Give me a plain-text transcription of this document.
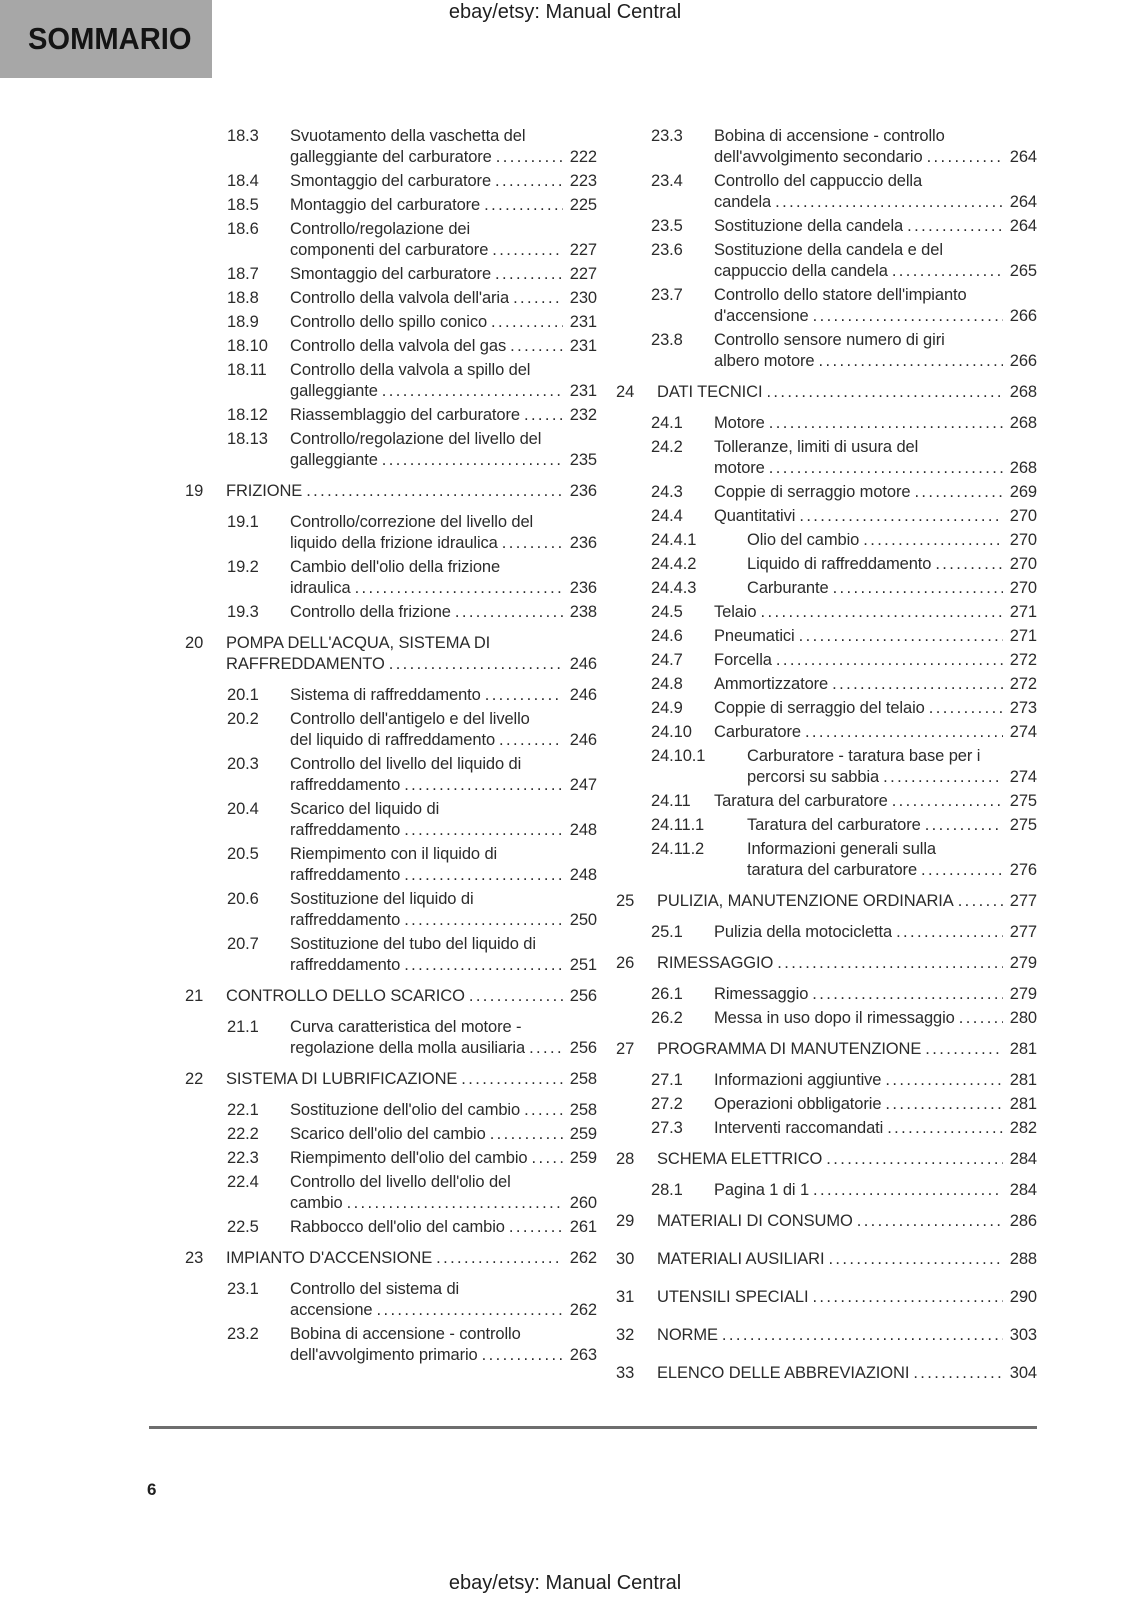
ebay/etsy: Manual Central
SOMMARIO
18.3	Svuotamento della vaschetta del
galleggiante del carburatore .....	222
18.4	Smontaggio del carburatore .....	223
18.5	Montaggio del carburatore .....	225
18.6	Controllo/regolazione dei
componenti del carburatore .....	227
18.7	Smontaggio del carburatore .....	227
18.8	Controllo della valvola dell'aria .....	230
18.9	Controllo dello spillo conico .....	231
18.10	Controllo della valvola del gas .....	231
18.11	Controllo della valvola a spillo del
galleggiante .....	231
18.12	Riassemblaggio del carburatore .....	232
18.13	Controllo/regolazione del livello del
galleggiante .....	235
19	FRIZIONE .....	236
19.1	Controllo/correzione del livello del
liquido della frizione idraulica .....	236
19.2	Cambio dell'olio della frizione
idraulica .....	236
19.3	Controllo della frizione .....	238
20	POMPA DELL'ACQUA, SISTEMA DI
RAFFREDDAMENTO .....	246
20.1	Sistema di raffreddamento .....	246
20.2	Controllo dell'antigelo e del livello
del liquido di raffreddamento .....	246
20.3	Controllo del livello del liquido di
raffreddamento .....	247
20.4	Scarico del liquido di
raffreddamento .....	248
20.5	Riempimento con il liquido di
raffreddamento .....	248
20.6	Sostituzione del liquido di
raffreddamento .....	250
20.7	Sostituzione del tubo del liquido di
raffreddamento .....	251
21	CONTROLLO DELLO SCARICO .....	256
21.1	Curva caratteristica del motore -
regolazione della molla ausiliaria .....	256
22	SISTEMA DI LUBRIFICAZIONE .....	258
22.1	Sostituzione dell'olio del cambio .....	258
22.2	Scarico dell'olio del cambio .....	259
22.3	Riempimento dell'olio del cambio .....	259
22.4	Controllo del livello dell'olio del
cambio .....	260
22.5	Rabbocco dell'olio del cambio .....	261
23	IMPIANTO D'ACCENSIONE .....	262
23.1	Controllo del sistema di
accensione .....	262
23.2	Bobina di accensione - controllo
dell'avvolgimento primario .....	263
23.3	Bobina di accensione - controllo
dell'avvolgimento secondario .....	264
23.4	Controllo del cappuccio della
candela .....	264
23.5	Sostituzione della candela .....	264
23.6	Sostituzione della candela e del
cappuccio della candela .....	265
23.7	Controllo dello statore dell'impianto
d'accensione .....	266
23.8	Controllo sensore numero di giri
albero motore .....	266
24	DATI TECNICI .....	268
24.1	Motore .....	268
24.2	Tolleranze, limiti di usura del
motore .....	268
24.3	Coppie di serraggio motore .....	269
24.4	Quantitativi .....	270
24.4.1	Olio del cambio .....	270
24.4.2	Liquido di raffreddamento .....	270
24.4.3	Carburante .....	270
24.5	Telaio .....	271
24.6	Pneumatici .....	271
24.7	Forcella .....	272
24.8	Ammortizzatore .....	272
24.9	Coppie di serraggio del telaio .....	273
24.10	Carburatore .....	274
24.10.1	Carburatore - taratura base per i
percorsi su sabbia .....	274
24.11	Taratura del carburatore .....	275
24.11.1	Taratura del carburatore .....	275
24.11.2	Informazioni generali sulla
taratura del carburatore .....	276
25	PULIZIA, MANUTENZIONE ORDINARIA .....	277
25.1	Pulizia della motocicletta .....	277
26	RIMESSAGGIO .....	279
26.1	Rimessaggio .....	279
26.2	Messa in uso dopo il rimessaggio .....	280
27	PROGRAMMA DI MANUTENZIONE .....	281
27.1	Informazioni aggiuntive .....	281
27.2	Operazioni obbligatorie .....	281
27.3	Interventi raccomandati .....	282
28	SCHEMA ELETTRICO .....	284
28.1	Pagina 1 di 1 .....	284
29	MATERIALI DI CONSUMO .....	286
30	MATERIALI AUSILIARI .....	288
31	UTENSILI SPECIALI .....	290
32	NORME .....	303
33	ELENCO DELLE ABBREVIAZIONI .....	304
6
ebay/etsy: Manual Central
